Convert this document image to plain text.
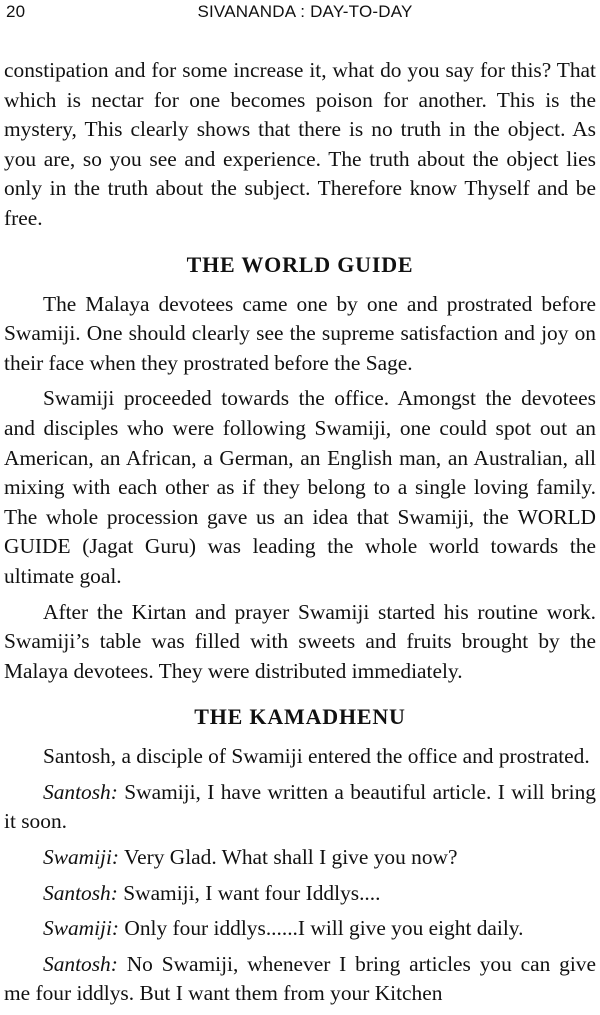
20	SIVANANDA : DAY-TO-DAY

constipation and for some increase it, what do you say for this? That which is nectar for one becomes poison for another. This is the mystery, This clearly shows that there is no truth in the object. As you are, so you see and experience. The truth about the object lies only in the truth about the subject. Therefore know Thyself and be free.

THE WORLD GUIDE

The Malaya devotees came one by one and prostrated before Swamiji. One should clearly see the supreme satisfaction and joy on their face when they prostrated before the Sage.

Swamiji proceeded towards the office. Amongst the devotees and disciples who were following Swamiji, one could spot out an American, an African, a German, an English man, an Australian, all mixing with each other as if they belong to a single loving family. The whole procession gave us an idea that Swamiji, the WORLD GUIDE (Jagat Guru) was leading the whole world towards the ultimate goal.

After the Kirtan and prayer Swamiji started his routine work. Swamiji’s table was filled with sweets and fruits brought by the Malaya devotees. They were distributed immediately.

THE KAMADHENU

Santosh, a disciple of Swamiji entered the office and prostrated.

Santosh: Swamiji, I have written a beautiful article. I will bring it soon.

Swamiji: Very Glad. What shall I give you now?

Santosh: Swamiji, I want four Iddlys....

Swamiji: Only four iddlys......I will give you eight daily.

Santosh: No Swamiji, whenever I bring articles you can give me four iddlys. But I want them from your Kitchen
